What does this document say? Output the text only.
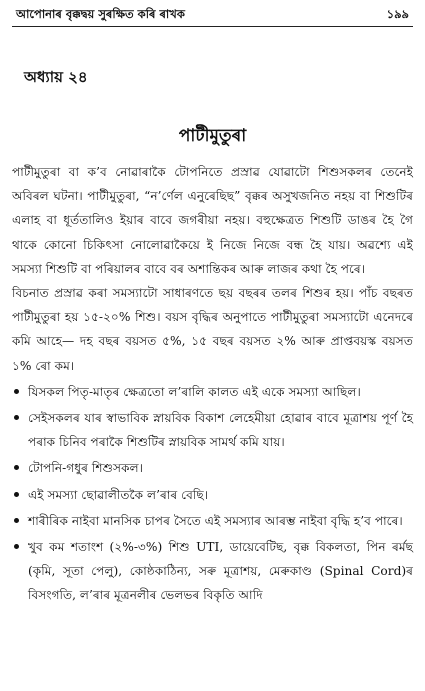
আপোনাৰ বৃক্কদ্বয় সুৰক্ষিত কৰি ৰাখক	১৯৯
অধ্যায় ২৪
পাটীমুতুৰা

পাটীমুতুৰা বা ক’ব নোৱাৰাকৈ টোপনিতে প্ৰস্ৰাৱ যোৱাটো শিশুসকলৰ তেনেই অবিৰল ঘটনা। পাটীমুতুৰা, “ন’ৰ্ণেল এনুৰেছিছ” বৃক্কৰ অসুখজনিত নহয় বা শিশুটিৰ এলাহ বা ধূৰ্ততালিও ইয়াৰ বাবে জগৰীয়া নহয়। বহুক্ষেত্ৰত শিশুটি ডাঙৰ হৈ গৈ থাকে কোনো চিকিৎসা নোলোৱাকৈয়ে ই নিজে নিজে বন্ধ হৈ যায়। অৱশ্যে এই সমস্যা শিশুটি বা পৰিয়ালৰ বাবে বৰ অশান্তিকৰ আৰু লাজৰ কথা হৈ পৰে।

বিচনাত প্ৰস্ৰাৱ কৰা সমস্যাটো সাধাৰণতে ছয় বছৰৰ তলৰ শিশুৰ হয়। পাঁচ বছৰত পাটীমুতুৰা হয় ১৫-২০% শিশু। বয়স বৃদ্ধিৰ অনুপাতে পাটীমুতুৰা সমস্যাটো এনেদৰে কমি আহে— দহ বছৰ বয়সত ৫%, ১৫ বছৰ বয়সত ২% আৰু প্ৰাপ্তবয়স্ক বয়সত ১% ৰো কম।

যিসকল পিতৃ-মাতৃৰ ক্ষেত্ৰতো ল’ৰালি কালত এই একে সমস্যা আছিল।
সেইসকলৰ যাৰ স্বাভাবিক স্নায়বিক বিকাশ লেহেমীয়া হোৱাৰ বাবে মূত্ৰাশয় পূৰ্ণ হৈ পৰাক চিনিব পৰাকৈ শিশুটিৰ স্নায়বিক সামৰ্থ কমি যায়।
টোপনি-গধুৰ শিশুসকল।
এই সমস্যা ছোৱালীতকৈ ল’ৰাৰ বেছি।
শাৰীৰিক নাইবা মানসিক চাপৰ সৈতে এই সমস্যাৰ আৰম্ভ নাইবা বৃদ্ধি হ’ব পাৰে।
খুব কম শতাংশ (২%-৩%) শিশু UTI, ডায়েবেটিছ, বৃক্ক বিকলতা, পিন ৰৰ্মছ (কৃমি, সূতা পেলু), কোষ্ঠকাঠিন্য, সৰু মূত্ৰাশয়, মেৰুকাণ্ড (Spinal Cord)ৰ বিসংগতি, ল’ৰাৰ মূত্ৰনলীৰ ভেলভৰ বিকৃতি আদি
